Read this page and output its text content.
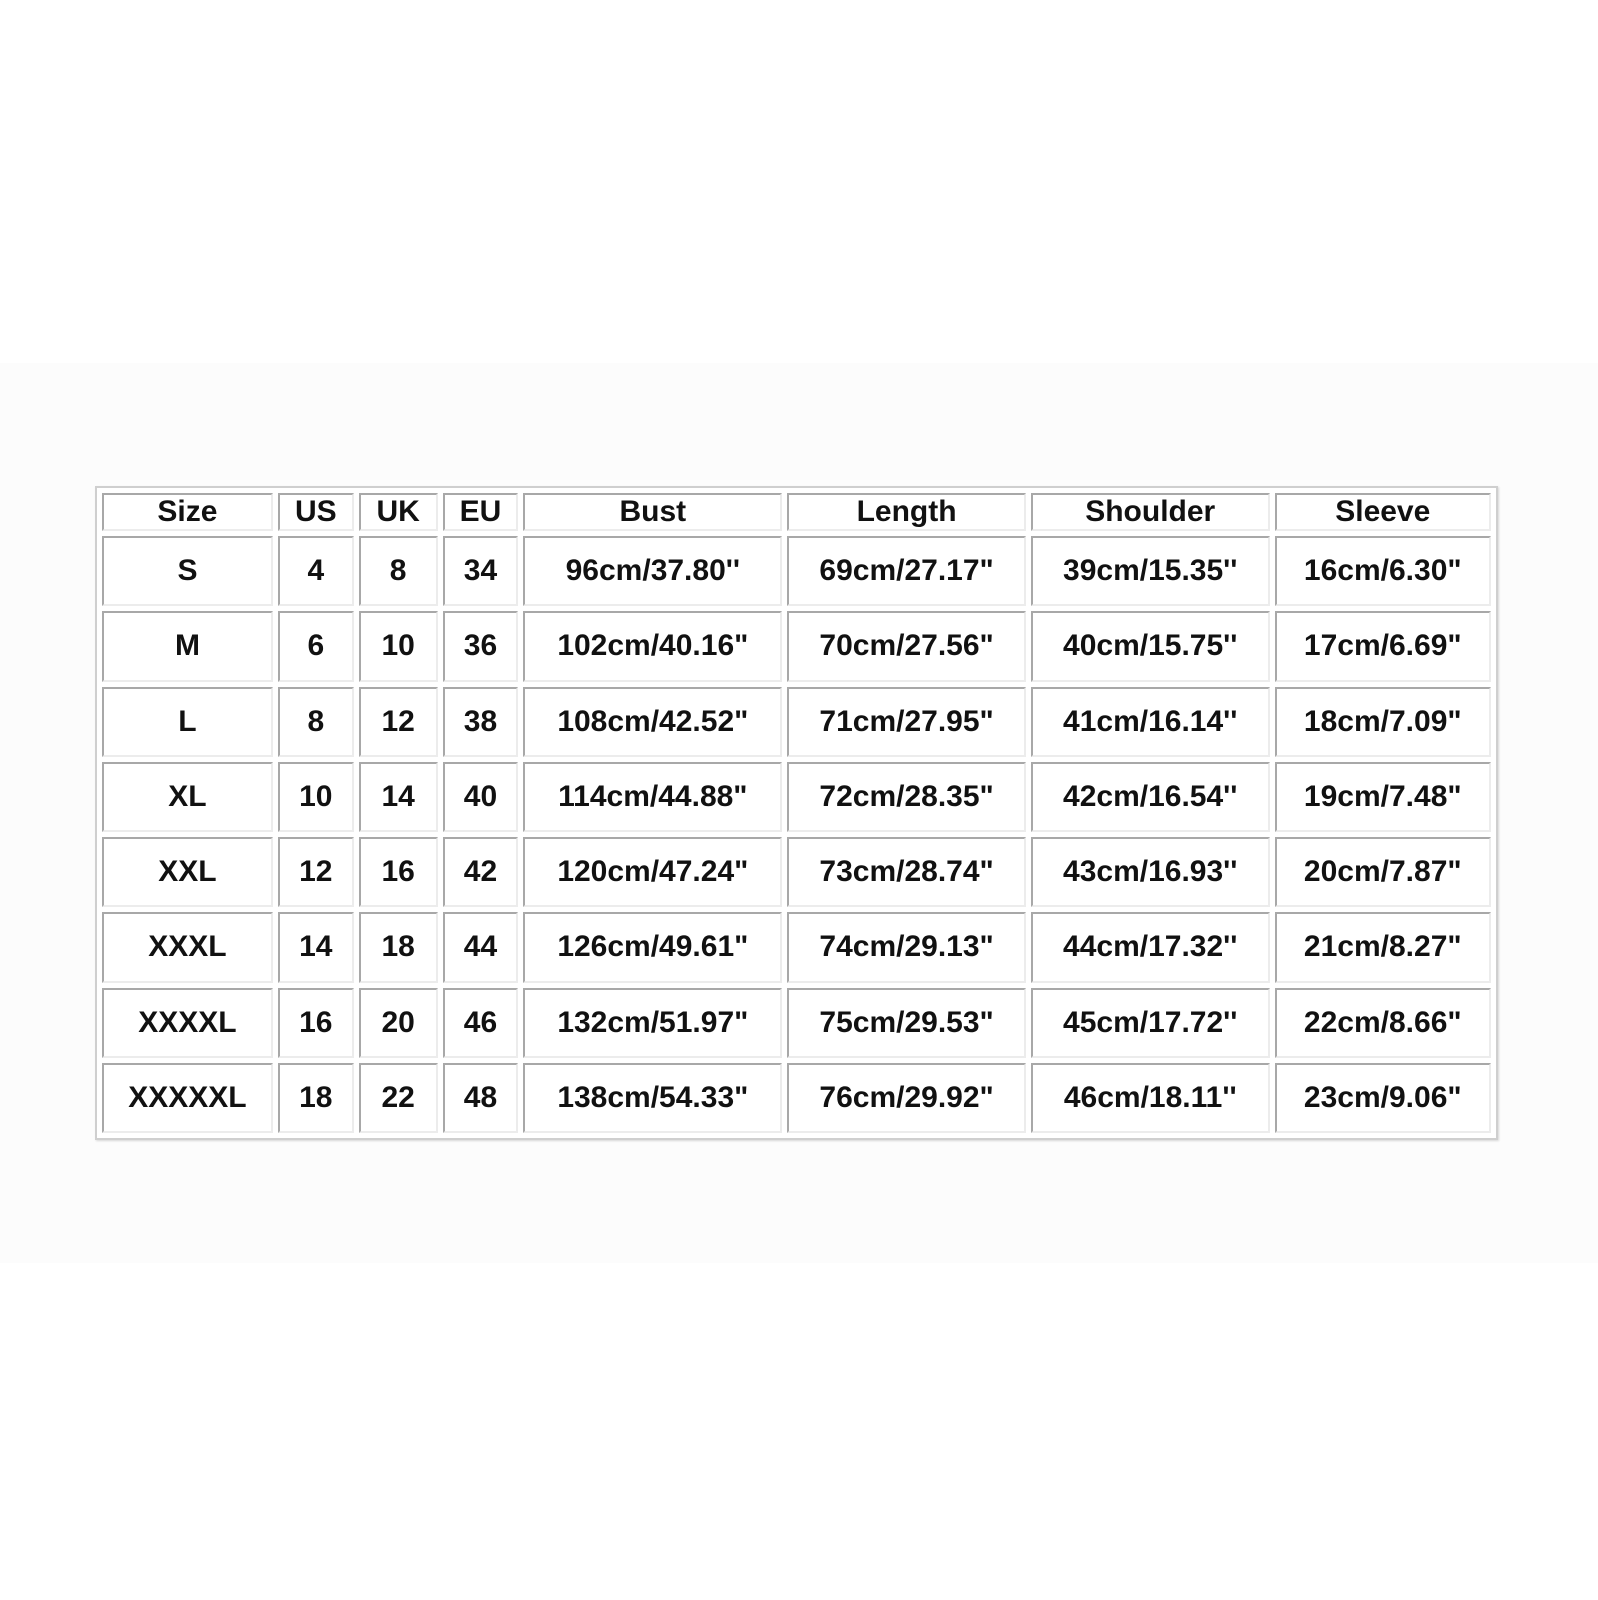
Size	US	UK	EU	Bust	Length	Shoulder	Sleeve
S	4	8	34	96cm/37.80''	69cm/27.17"	39cm/15.35''	16cm/6.30"
M	6	10	36	102cm/40.16"	70cm/27.56"	40cm/15.75''	17cm/6.69"
L	8	12	38	108cm/42.52"	71cm/27.95"	41cm/16.14''	18cm/7.09"
XL	10	14	40	114cm/44.88"	72cm/28.35"	42cm/16.54''	19cm/7.48"
XXL	12	16	42	120cm/47.24"	73cm/28.74"	43cm/16.93''	20cm/7.87"
XXXL	14	18	44	126cm/49.61"	74cm/29.13"	44cm/17.32''	21cm/8.27"
XXXXL	16	20	46	132cm/51.97"	75cm/29.53"	45cm/17.72''	22cm/8.66"
XXXXXL	18	22	48	138cm/54.33"	76cm/29.92"	46cm/18.11''	23cm/9.06"
